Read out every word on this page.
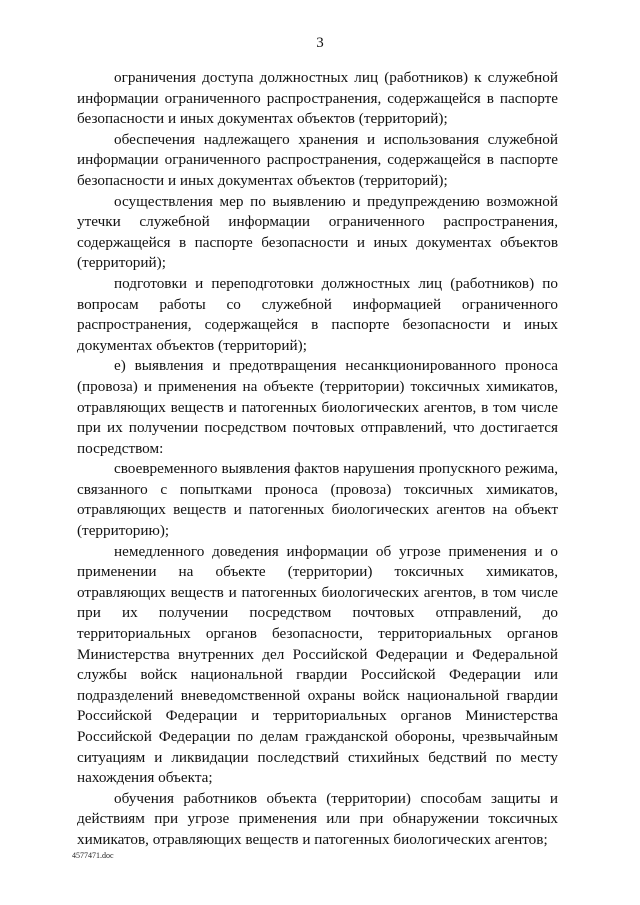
3

ограничения доступа должностных лиц (работников) к служебной информации ограниченного распространения, содержащейся в паспорте безопасности и иных документах объектов (территорий);

обеспечения надлежащего хранения и использования служебной информации ограниченного распространения, содержащейся в паспорте безопасности и иных документах объектов (территорий);

осуществления мер по выявлению и предупреждению возможной утечки служебной информации ограниченного распространения, содержащейся в паспорте безопасности и иных документах объектов (территорий);

подготовки и переподготовки должностных лиц (работников) по вопросам работы со служебной информацией ограниченного распространения, содержащейся в паспорте безопасности и иных документах объектов (территорий);

е) выявления и предотвращения несанкционированного проноса (провоза) и применения на объекте (территории) токсичных химикатов, отравляющих веществ и патогенных биологических агентов, в том числе при их получении посредством почтовых отправлений, что достигается посредством:

своевременного выявления фактов нарушения пропускного режима, связанного с попытками проноса (провоза) токсичных химикатов, отравляющих веществ и патогенных биологических агентов на объект (территорию);

немедленного доведения информации об угрозе применения и о применении на объекте (территории) токсичных химикатов, отравляющих веществ и патогенных биологических агентов, в том числе при их получении посредством почтовых отправлений, до территориальных органов безопасности, территориальных органов Министерства внутренних дел Российской Федерации и Федеральной службы войск национальной гвардии Российской Федерации или подразделений вневедомственной охраны войск национальной гвардии Российской Федерации и территориальных органов Министерства Российской Федерации по делам гражданской обороны, чрезвычайным ситуациям и ликвидации последствий стихийных бедствий по месту нахождения объекта;

обучения работников объекта (территории) способам защиты и действиям при угрозе применения или при обнаружении токсичных химикатов, отравляющих веществ и патогенных биологических агентов;

4577471.doc
